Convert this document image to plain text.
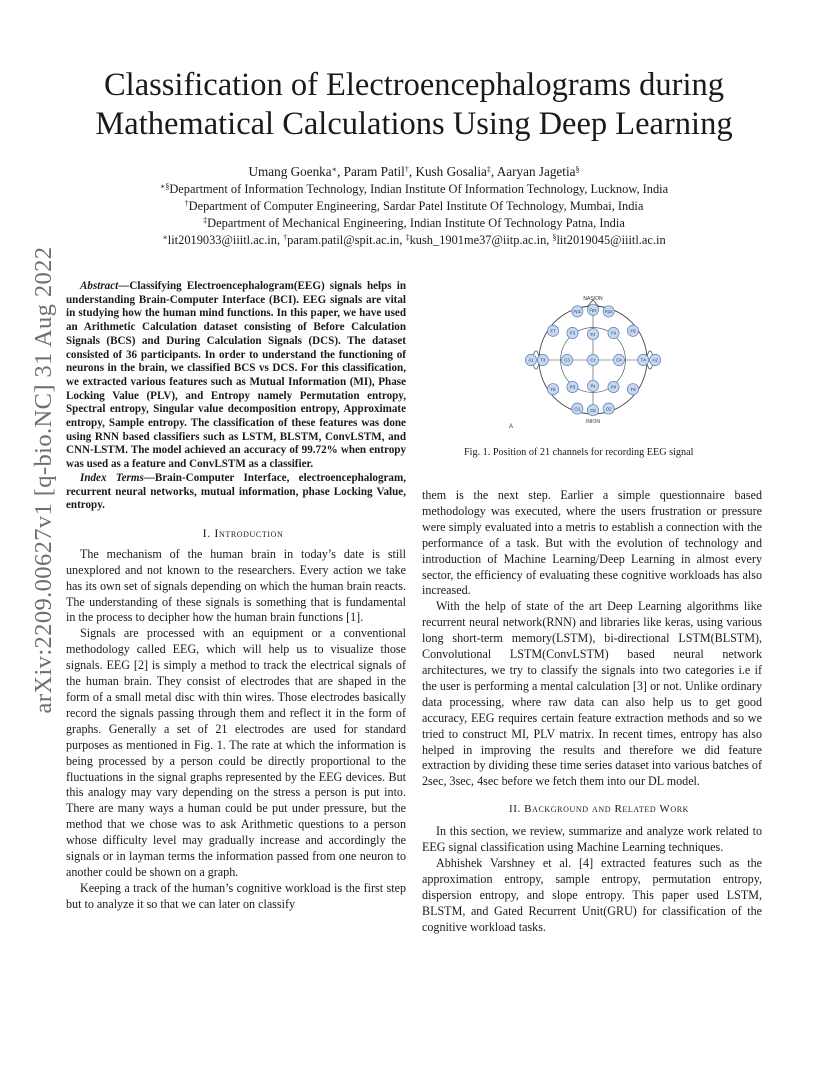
Classification of Electroencephalograms during
Mathematical Calculations Using Deep Learning
Umang Goenka∗, Param Patil†, Kush Gosalia‡, Aaryan Jagetia§
∗§Department of Information Technology, Indian Institute Of Information Technology, Lucknow, India
†Department of Computer Engineering, Sardar Patel Institute Of Technology, Mumbai, India
‡Department of Mechanical Engineering, Indian Institute Of Technology Patna, India
∗lit2019033@iiitl.ac.in, †param.patil@spit.ac.in, ‡kush_1901me37@iitp.ac.in, §lit2019045@iiitl.ac.in
arXiv:2209.00627v1 [q-bio.NC] 31 Aug 2022	Abstract—Classifying Electroencephalogram(EEG) signals helps in understanding Brain-Computer Interface (BCI). EEG signals are vital in studying how the human mind functions. In this paper, we have used an Arithmetic Calculation dataset consisting of Before Calculation Signals (BCS) and During Calculation Signals (DCS). The dataset consisted of 36 participants. In order to understand the functioning of neurons in the brain, we classified BCS vs DCS. For this classification, we extracted various features such as Mutual Information (MI), Phase Locking Value (PLV), and Entropy namely Permutation entropy, Spectral entropy, Singular value decomposition entropy, Approximate entropy, Sample entropy. The classification of these features was done using RNN based classifiers such as LSTM, BLSTM, ConvLSTM, and CNN-LSTM. The model achieved an accuracy of 99.72% when entropy was used as a feature and ConvLSTM as a classifier.

Index Terms—Brain-Computer Interface, electroencephalogram, recurrent neural networks, mutual information, phase Locking Value, entropy.

I. Introduction

The mechanism of the human brain in today’s date is still unexplored and not known to the researchers. Every action we take has its own set of signals depending on which the human brain reacts. The understanding of these signals is something that is fundamental in the process to decipher how the human brain functions [1].

Signals are processed with an equipment or a conventional methodology called EEG, which will help us to visualize those signals. EEG [2] is simply a method to track the electrical signals of the human brain. They consist of electrodes that are shaped in the form of a small metal disc with thin wires. Those electrodes basically record the signals passing through them and reflect it in the form of graphs. Generally a set of 21 electrodes are used for standard purposes as mentioned in Fig. 1. The rate at which the information is being processed by a person could be directly proportional to the fluctuations in the signal graphs represented by the EEG devices. But this analogy may vary depending on the stress a person is put into. There are many ways a human could be put under pressure, but the method that we chose was to ask Arithmetic questions to a person whose difficulty level may gradually increase and accordingly the signals or in layman terms the information passed from one neuron to another could be shown on a graph.

Keeping a track of the human’s cognitive workload is the first step but to analyze it so that we can later on classify

NASION
INION
A
Fp1 Fpz Fp2
F7	F3	Fz	F4	F8
A1 T3	C3	Cz	C4	T4 A2
T5	P3	Pz	P4	T6
O1 Oz O2
Fig. 1. Position of 21 channels for recording EEG signal

them is the next step. Earlier a simple questionnaire based methodology was executed, where the users frustration or pressure were simply evaluated into a metris to establish a connection with the performance of a task. But with the evolution of technology and introduction of Machine Learning/Deep Learning in almost every sector, the efficiency of evaluating these cognitive workloads has also increased.

With the help of state of the art Deep Learning algorithms like recurrent neural network(RNN) and libraries like keras, using various long short-term memory(LSTM), bi-directional LSTM(BLSTM), Convolutional LSTM(ConvLSTM) based neural network architectures, we try to classify the signals into two categories i.e if the user is performing a mental calculation [3] or not. Unlike ordinary data processing, where raw data can also help us to get good accuracy, EEG requires certain feature extraction methods and so we tried to construct MI, PLV matrix. In recent times, entropy has also helped in improving the results and therefore we did feature extraction by dividing these time series dataset into various batches of 2sec, 3sec, 4sec before we fetch them into our DL model.

II. Background and Related Work

In this section, we review, summarize and analyze work related to EEG signal classification using Machine Learning techniques.

Abhishek Varshney et al. [4] extracted features such as the approximation entropy, sample entropy, permutation entropy, dispersion entropy, and slope entropy. This paper used LSTM, BLSTM, and Gated Recurrent Unit(GRU) for classification of the cognitive workload tasks.
